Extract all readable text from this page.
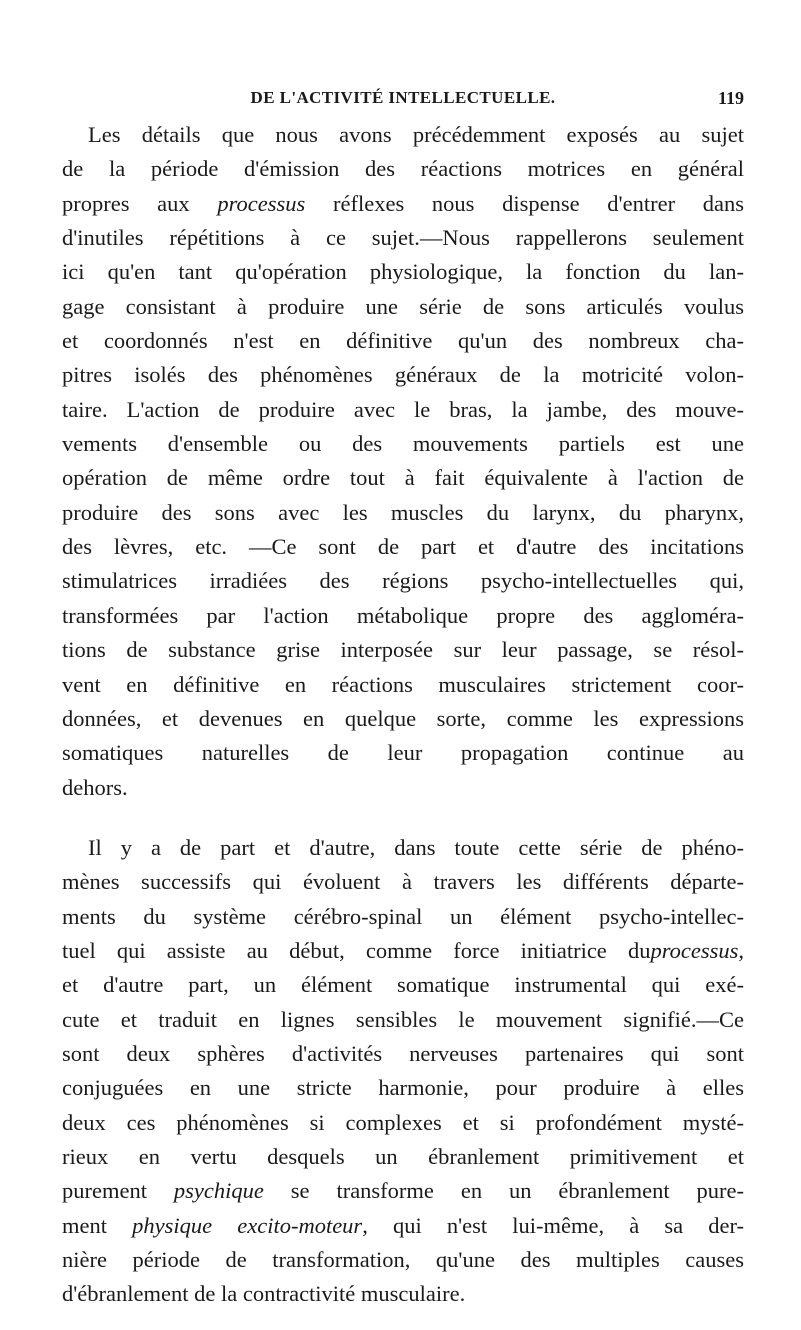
DE L'ACTIVITÉ INTELLECTUELLE.	119
Les détails que nous avons précédemment exposés au sujet
de la période d'émission des réactions motrices en général
propres aux processus réflexes nous dispense d'entrer dans
d'inutiles répétitions à ce sujet.—Nous rappellerons seulement
ici qu'en tant qu'opération physiologique, la fonction du lan-
gage consistant à produire une série de sons articulés voulus
et coordonnés n'est en définitive qu'un des nombreux cha-
pitres isolés des phénomènes généraux de la motricité volon-
taire. L'action de produire avec le bras, la jambe, des mouve-
vements d'ensemble ou des mouvements partiels est une
opération de même ordre tout à fait équivalente à l'action de
produire des sons avec les muscles du larynx, du pharynx,
des lèvres, etc. —Ce sont de part et d'autre des incitations
stimulatrices irradiées des régions psycho-intellectuelles qui,
transformées par l'action métabolique propre des aggloméra-
tions de substance grise interposée sur leur passage, se résol-
vent en définitive en réactions musculaires strictement coor-
données, et devenues en quelque sorte, comme les expressions
somatiques naturelles de leur propagation continue au
dehors.
Il y a de part et d'autre, dans toute cette série de phéno-
mènes successifs qui évoluent à travers les différents départe-
ments du système cérébro-spinal un élément psycho-intellec-
tuel qui assiste au début, comme force initiatrice duprocessus,
et d'autre part, un élément somatique instrumental qui exé-
cute et traduit en lignes sensibles le mouvement signifié.—Ce
sont deux sphères d'activités nerveuses partenaires qui sont
conjuguées en une stricte harmonie, pour produire à elles
deux ces phénomènes si complexes et si profondément mysté-
rieux en vertu desquels un ébranlement primitivement et
purement psychique se transforme en un ébranlement pure-
ment physique excito-moteur, qui n'est lui-même, à sa der-
nière période de transformation, qu'une des multiples causes
d'ébranlement de la contractivité musculaire.
